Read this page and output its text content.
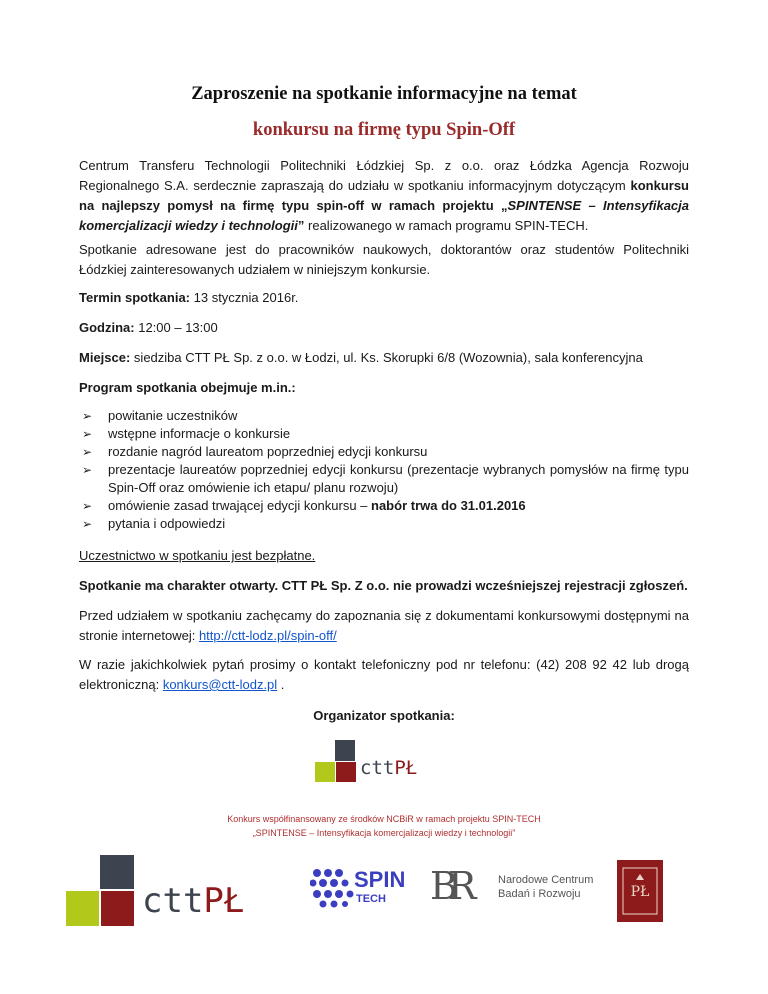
Zaproszenie na spotkanie informacyjne na temat
konkursu na firmę typu Spin-Off

Centrum Transferu Technologii Politechniki Łódzkiej Sp. z o.o. oraz Łódzka Agencja Rozwoju Regionalnego S.A. serdecznie zapraszają do udziału w spotkaniu informacyjnym dotyczącym konkursu na najlepszy pomysł na firmę typu spin-off w ramach projektu „SPINTENSE – Intensyfikacja komercjalizacji wiedzy i technologii” realizowanego w ramach programu SPIN-TECH.

Spotkanie adresowane jest do pracowników naukowych, doktorantów oraz studentów Politechniki Łódzkiej zainteresowanych udziałem w niniejszym konkursie.

Termin spotkania: 13 stycznia 2016r.

Godzina: 12:00 – 13:00

Miejsce: siedziba CTT PŁ Sp. z o.o. w Łodzi, ul. Ks. Skorupki 6/8 (Wozownia), sala konferencyjna

Program spotkania obejmuje m.in.:

➢ powitanie uczestników
➢ wstępne informacje o konkursie
➢ rozdanie nagród laureatom poprzedniej edycji konkursu
➢ prezentacje laureatów poprzedniej edycji konkursu (prezentacje wybranych pomysłów na firmę typu Spin-Off oraz omówienie ich etapu/ planu rozwoju)
➢ omówienie zasad trwającej edycji konkursu – nabór trwa do 31.01.2016
➢ pytania i odpowiedzi

Uczestnictwo w spotkaniu jest bezpłatne.

Spotkanie ma charakter otwarty. CTT PŁ Sp. Z o.o. nie prowadzi wcześniejszej rejestracji zgłoszeń.

Przed udziałem w spotkaniu zachęcamy do zapoznania się z dokumentami konkursowymi dostępnymi na stronie internetowej: http://ctt-lodz.pl/spin-off/

W razie jakichkolwiek pytań prosimy o kontakt telefoniczny pod nr telefonu: (42) 208 92 42 lub drogą elektroniczną: konkurs@ctt-lodz.pl .

Organizator spotkania:

cttPŁ
Konkurs współfinansowany ze środków NCBiR w ramach projektu SPIN-TECH
„SPINTENSE – Intensyfikacja komercjalizacji wiedzy i technologii”
cttPŁ
SPIN
TECH BR	Narodowe Centrum
Badań i Rozwoju	PŁ
